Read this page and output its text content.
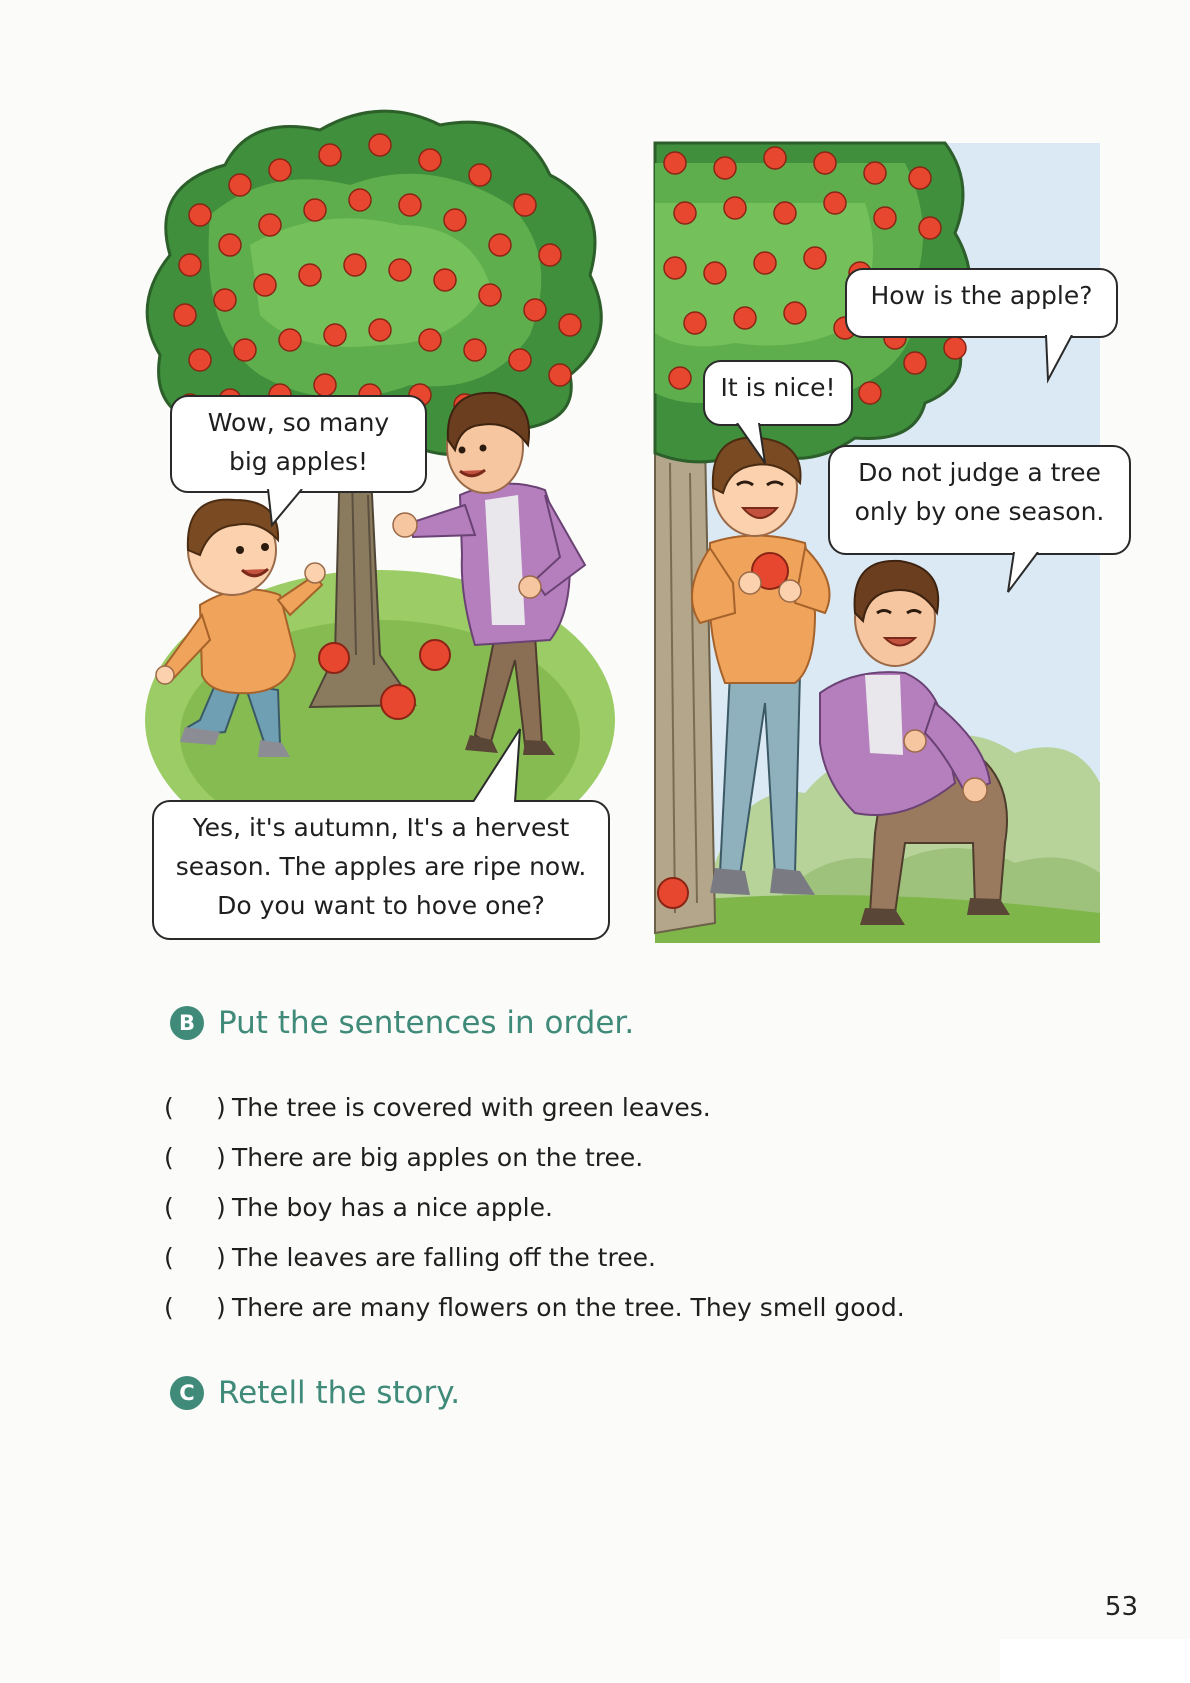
Wow, so many
big apples!
Yes, it's autumn, It's a hervest
season. The apples are ripe now.
Do you want to hove one?
How is the apple?
It is nice!
Do not judge a tree
only by one season.
B Put the sentences in order.
(	) The tree is covered with green leaves.
(	) There are big apples on the tree.
(	) The boy has a nice apple.
(	) The leaves are falling off the tree.
(	) There are many flowers on the tree. They smell good.
C Retell the story.
53
